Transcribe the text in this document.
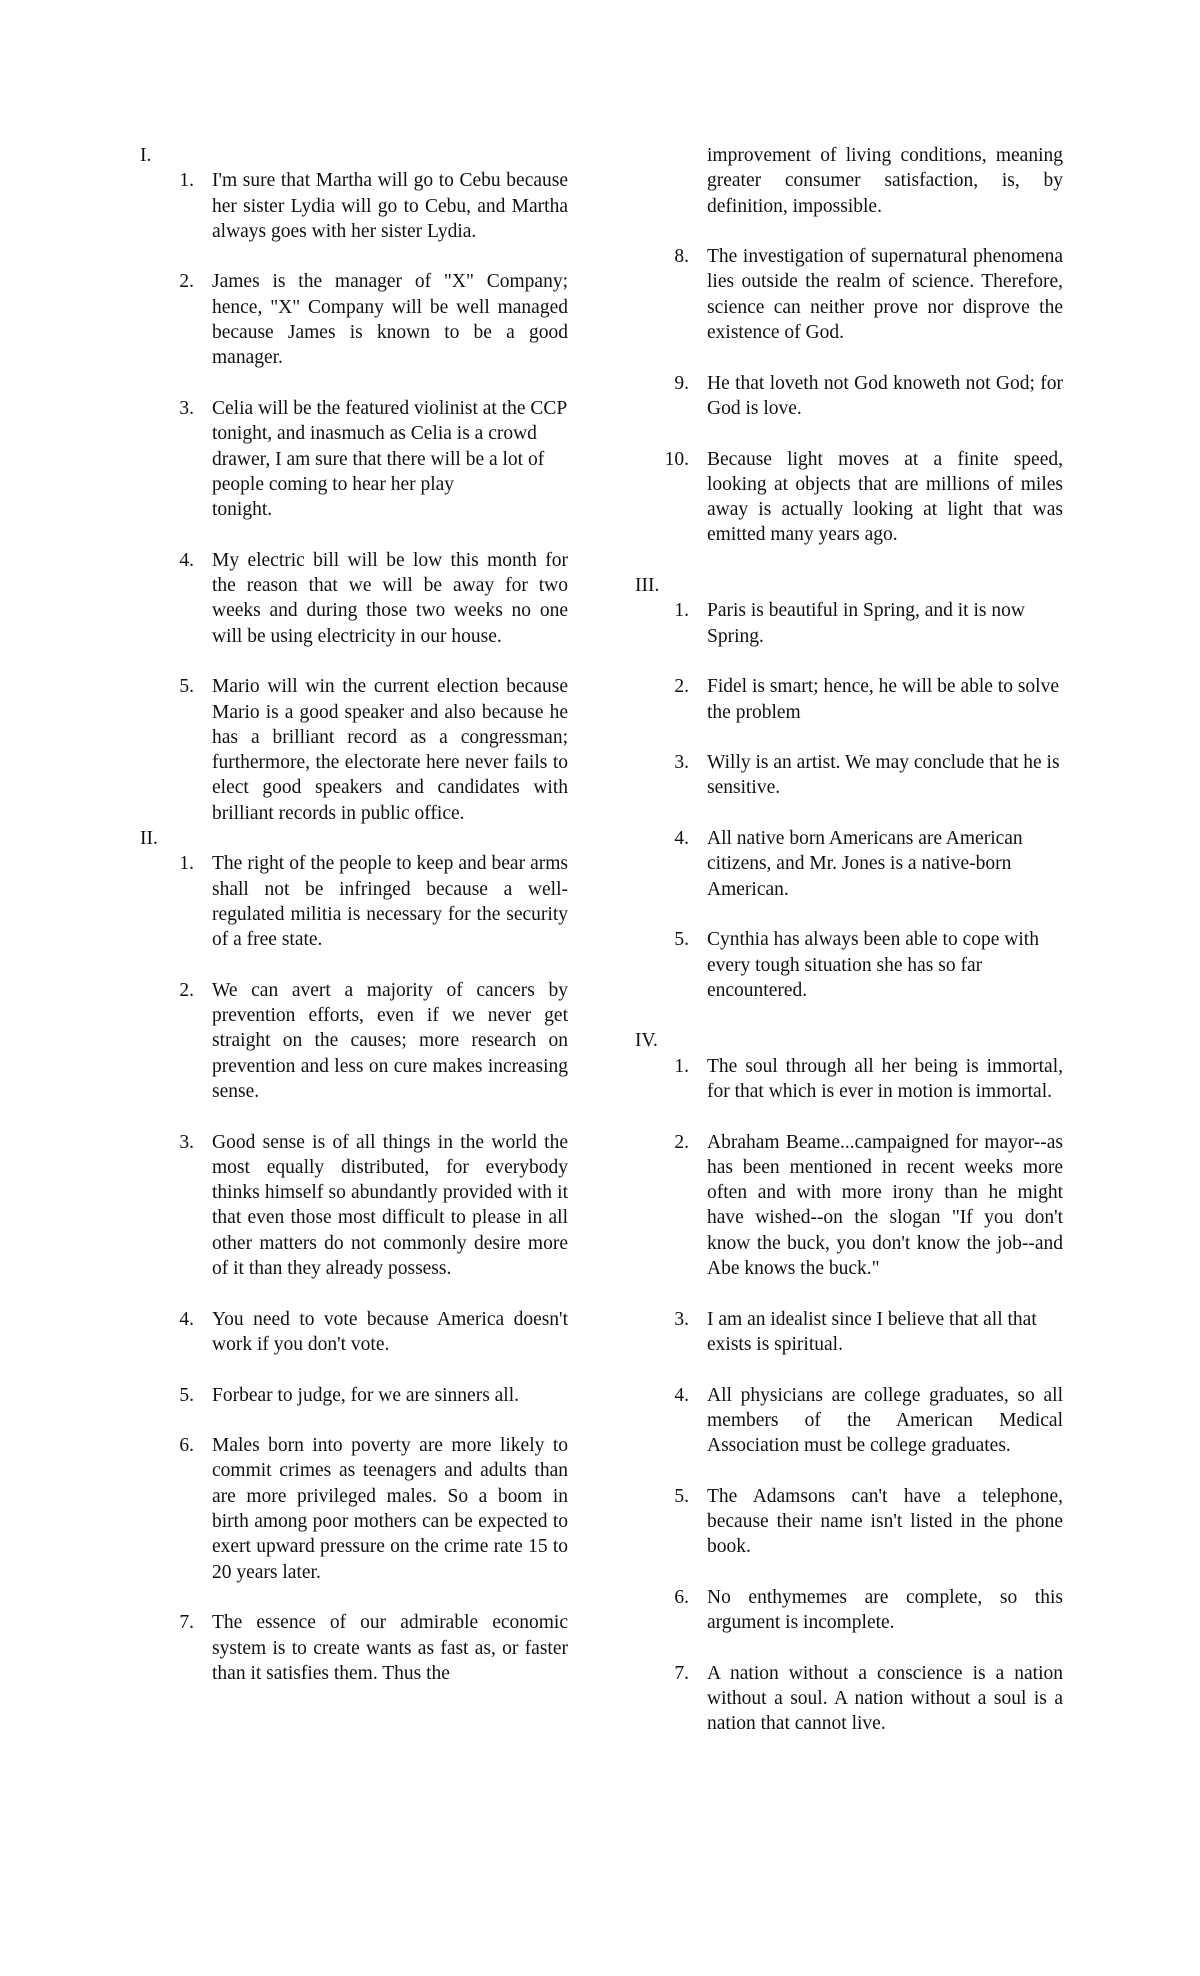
I.
1. I'm sure that Martha will go to Cebu because her sister Lydia will go to Cebu, and Martha always goes with her sister Lydia.
2. James is the manager of "X" Company; hence, "X" Company will be well managed because James is known to be a good manager.
3. Celia will be the featured violinist at the CCP tonight, and inasmuch as Celia is a crowd drawer, I am sure that there will be a lot of people coming to hear her play
tonight.
4. My electric bill will be low this month for the reason that we will be away for two weeks and during those two weeks no one will be using electricity in our house.
5. Mario will win the current election because Mario is a good speaker and also because he has a brilliant record as a congressman; furthermore, the electorate here never fails to elect good speakers and candidates with brilliant records in public office.
II.
1. The right of the people to keep and bear arms shall not be infringed because a well-regulated militia is necessary for the security of a free state.
2. We can avert a majority of cancers by prevention efforts, even if we never get straight on the causes; more research on prevention and less on cure makes increasing sense.
3. Good sense is of all things in the world the most equally distributed, for everybody thinks himself so abundantly provided with it that even those most difficult to please in all other matters do not commonly desire more of it than they already possess.
4. You need to vote because America doesn't work if you don't vote.
5. Forbear to judge, for we are sinners all.
6. Males born into poverty are more likely to commit crimes as teenagers and adults than are more privileged males. So a boom in birth among poor mothers can be expected to exert upward pressure on the crime rate 15 to 20 years later.
7. The essence of our admirable economic system is to create wants as fast as, or faster than it satisfies them. Thus the
improvement of living conditions, meaning greater consumer satisfaction, is, by definition, impossible.
8. The investigation of supernatural phenomena lies outside the realm of science. Therefore, science can neither prove nor disprove the existence of God.
9. He that loveth not God knoweth not God; for God is love.
10. Because light moves at a finite speed, looking at objects that are millions of miles away is actually looking at light that was emitted many years ago.
III.
1. Paris is beautiful in Spring, and it is now Spring.
2. Fidel is smart; hence, he will be able to solve the problem
3. Willy is an artist. We may conclude that he is sensitive.
4. All native born Americans are American citizens, and Mr. Jones is a native-born American.
5. Cynthia has always been able to cope with every tough situation she has so far encountered.
IV.
1. The soul through all her being is immortal, for that which is ever in motion is immortal.
2. Abraham Beame...campaigned for mayor--as has been mentioned in recent weeks more often and with more irony than he might have wished--on the slogan "If you don't know the buck, you don't know the job--and Abe knows the buck."
3. I am an idealist since I believe that all that exists is spiritual.
4. All physicians are college graduates, so all members of the American Medical Association must be college graduates.
5. The Adamsons can't have a telephone, because their name isn't listed in the phone book.
6. No enthymemes are complete, so this argument is incomplete.
7. A nation without a conscience is a nation without a soul. A nation without a soul is a nation that cannot live.
